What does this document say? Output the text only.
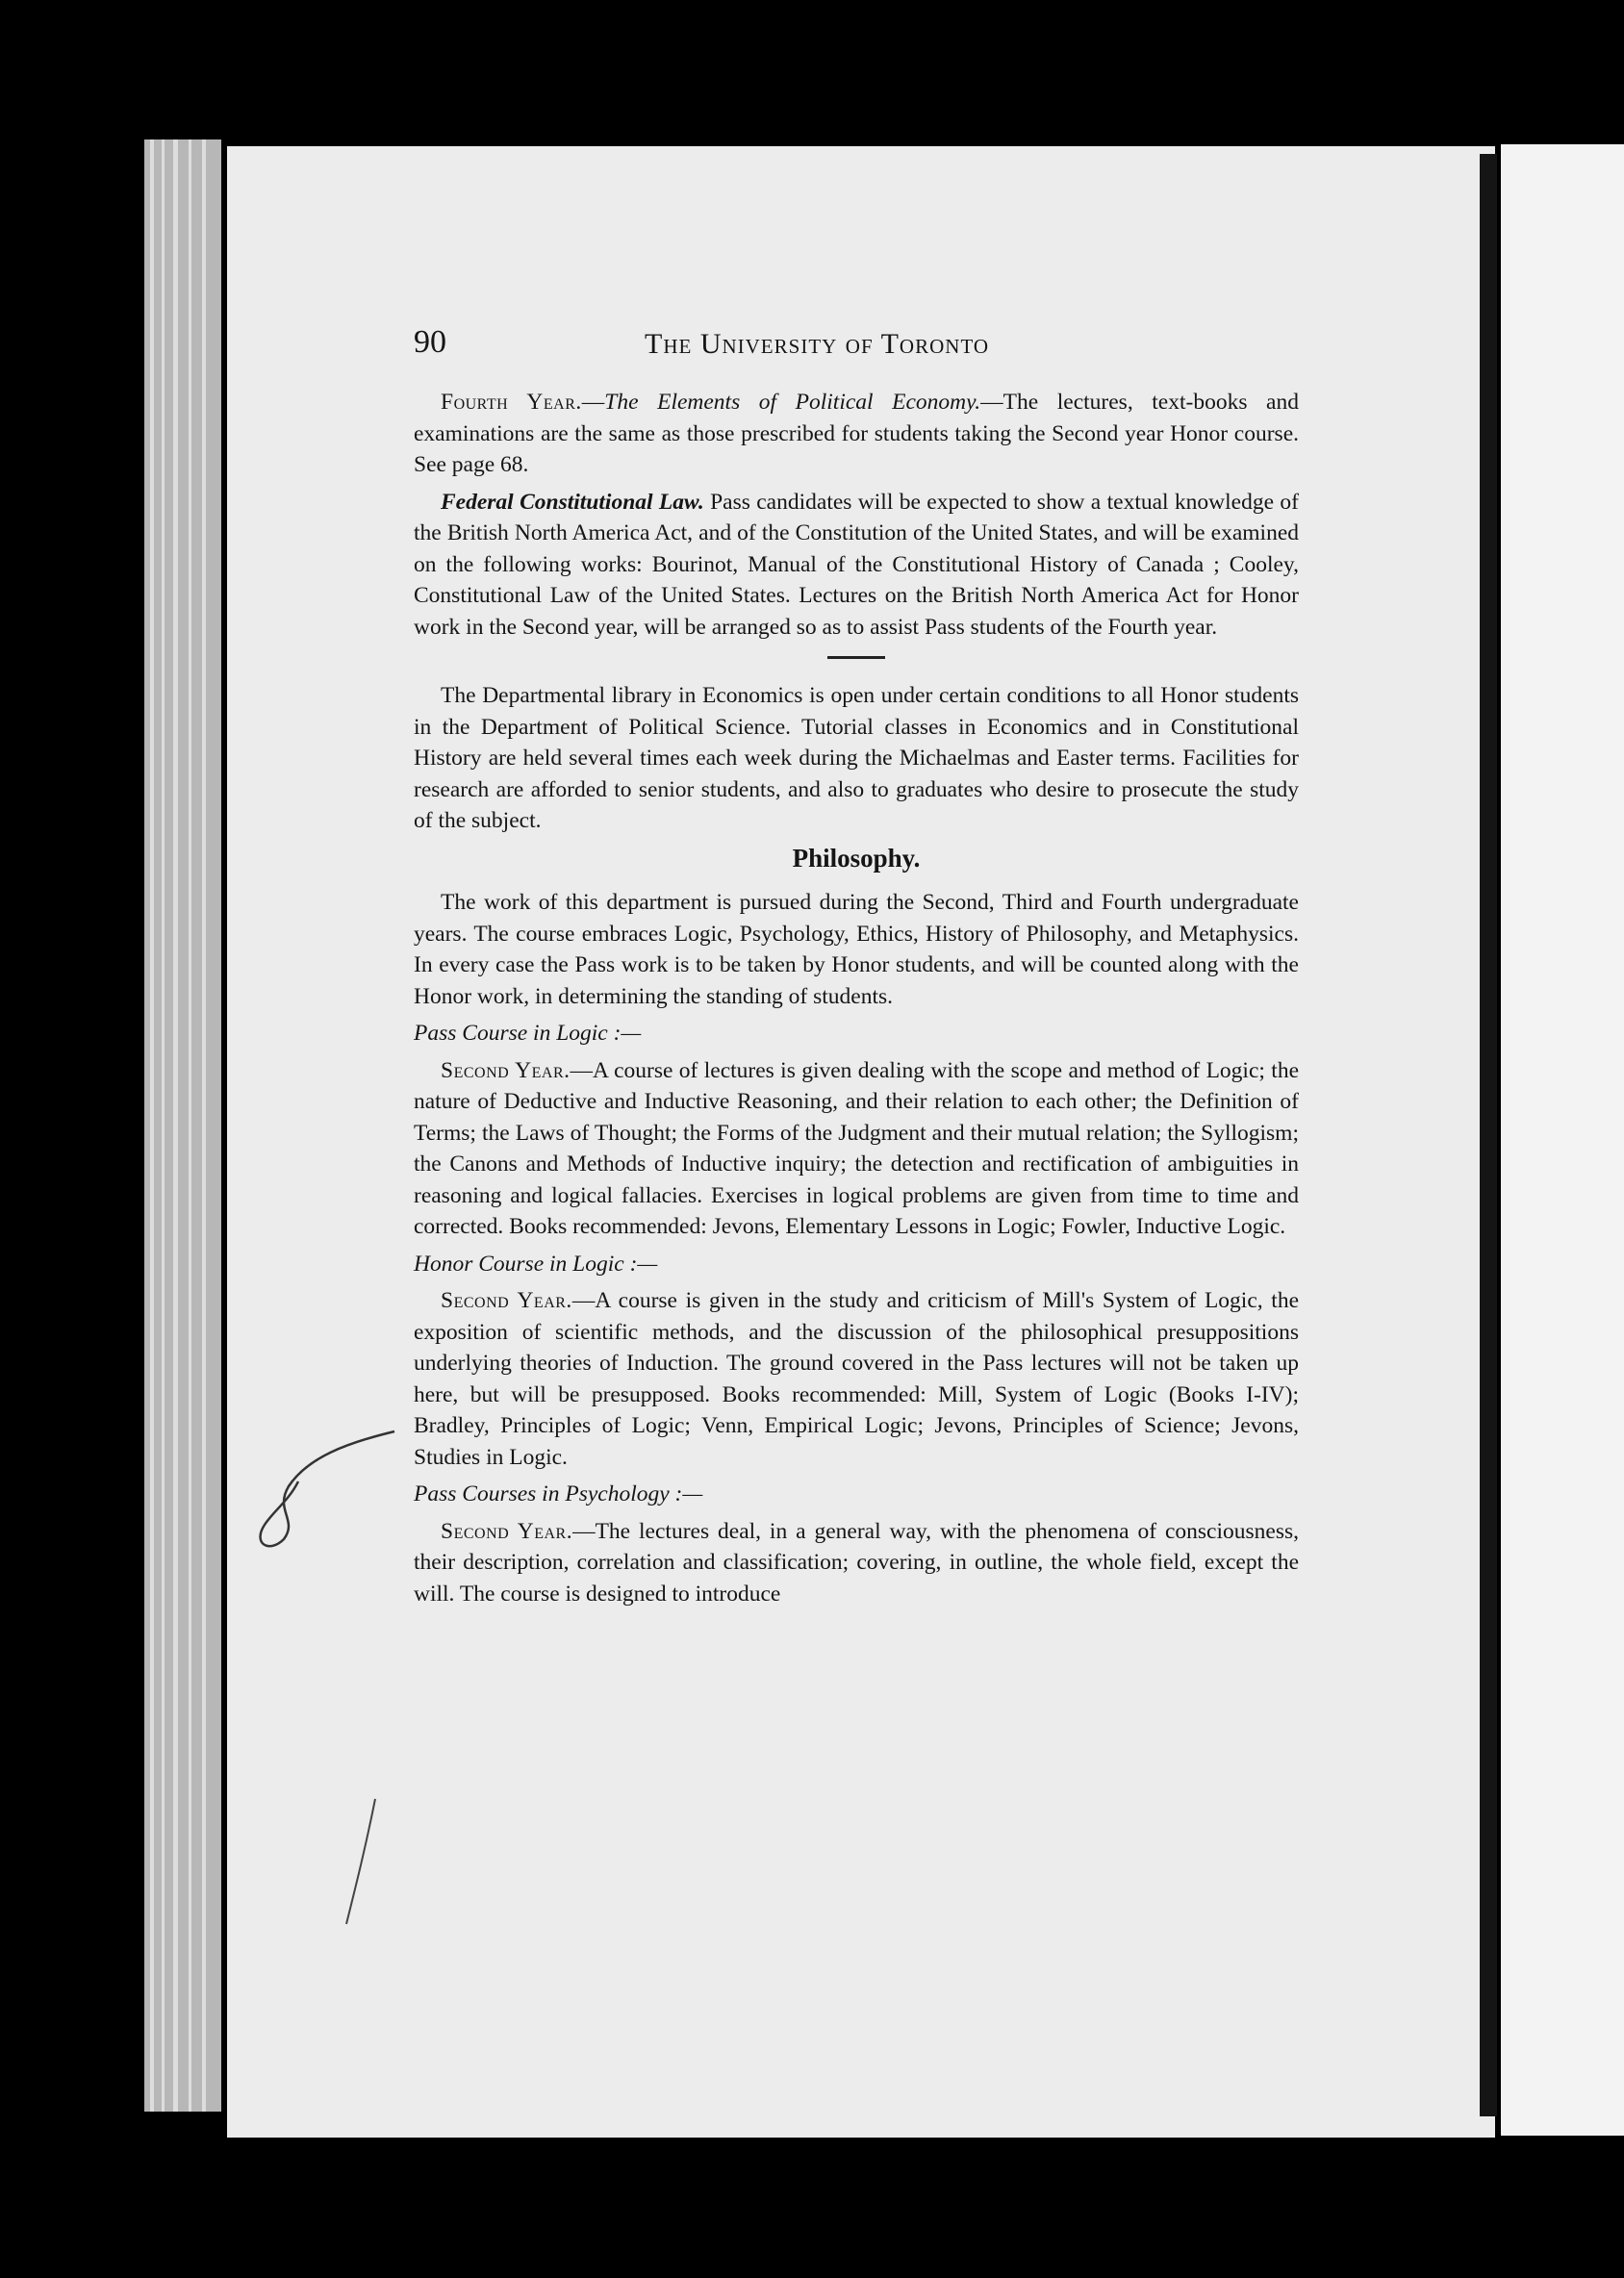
90	The University of Toronto

Fourth Year.—The Elements of Political Economy.—The lectures, text-books and examinations are the same as those prescribed for students taking the Second year Honor course. See page 68.

Federal Constitutional Law. Pass candidates will be expected to show a textual knowledge of the British North America Act, and of the Constitution of the United States, and will be examined on the following works: Bourinot, Manual of the Constitutional History of Canada ; Cooley, Constitutional Law of the United States. Lectures on the British North America Act for Honor work in the Second year, will be arranged so as to assist Pass students of the Fourth year.

The Departmental library in Economics is open under certain conditions to all Honor students in the Department of Political Science. Tutorial classes in Economics and in Constitutional History are held several times each week during the Michaelmas and Easter terms. Facilities for research are afforded to senior students, and also to graduates who desire to prosecute the study of the subject.

Philosophy.

The work of this department is pursued during the Second, Third and Fourth undergraduate years. The course embraces Logic, Psychology, Ethics, History of Philosophy, and Metaphysics. In every case the Pass work is to be taken by Honor students, and will be counted along with the Honor work, in determining the standing of students.

Pass Course in Logic :—

Second Year.—A course of lectures is given dealing with the scope and method of Logic; the nature of Deductive and Inductive Reasoning, and their relation to each other; the Definition of Terms; the Laws of Thought; the Forms of the Judgment and their mutual relation; the Syllogism; the Canons and Methods of Inductive inquiry; the detection and rectification of ambiguities in reasoning and logical fallacies. Exercises in logical problems are given from time to time and corrected. Books recommended: Jevons, Elementary Lessons in Logic; Fowler, Inductive Logic.

Honor Course in Logic :—

Second Year.—A course is given in the study and criticism of Mill's System of Logic, the exposition of scientific methods, and the discussion of the philosophical presuppositions underlying theories of Induction. The ground covered in the Pass lectures will not be taken up here, but will be presupposed. Books recommended: Mill, System of Logic (Books I-IV); Bradley, Principles of Logic; Venn, Empirical Logic; Jevons, Principles of Science; Jevons, Studies in Logic.

Pass Courses in Psychology :—

Second Year.—The lectures deal, in a general way, with the phenomena of consciousness, their description, correlation and classification; covering, in outline, the whole field, except the will. The course is designed to introduce
